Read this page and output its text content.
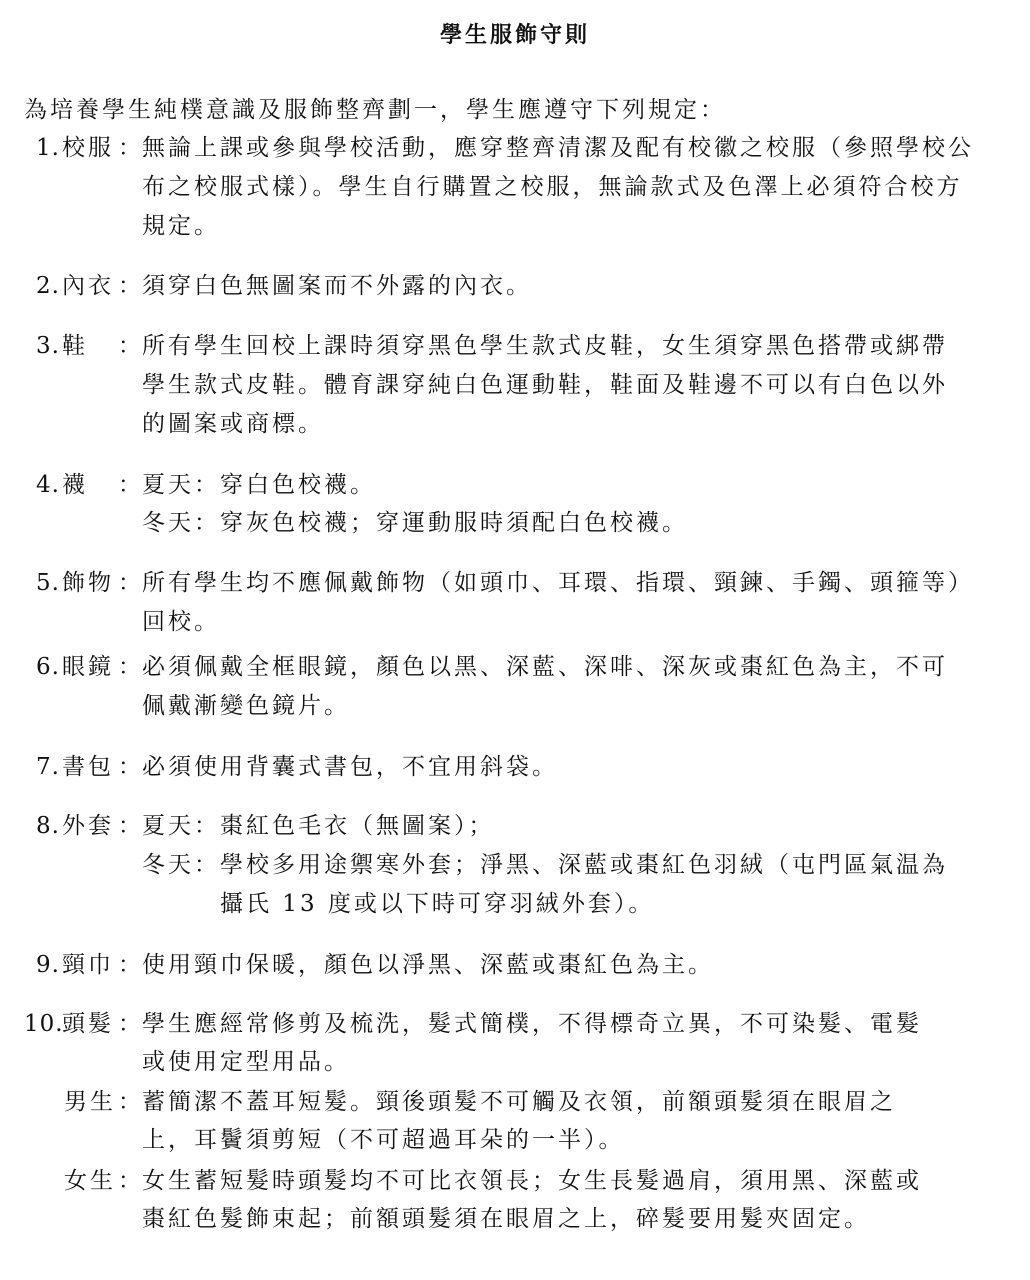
學生服飾守則
為培養學生純樸意識及服飾整齊劃一，學生應遵守下列規定：
1. 校服 ： 無論上課或參與學校活動，應穿整齊清潔及配有校徽之校服（參照學校公
布之校服式樣）。學生自行購置之校服，無論款式及色澤上必須符合校方
規定。
2. 內衣 ： 須穿白色無圖案而不外露的內衣。
3. 鞋 ： 所有學生回校上課時須穿黑色學生款式皮鞋，女生須穿黑色搭帶或綁帶
學生款式皮鞋。體育課穿純白色運動鞋，鞋面及鞋邊不可以有白色以外
的圖案或商標。
4. 襪 ： 夏天：穿白色校襪。
冬天：穿灰色校襪；穿運動服時須配白色校襪。
5. 飾物 ： 所有學生均不應佩戴飾物（如頭巾、耳環、指環、頸鍊、手鐲、頭箍等）
回校。
6. 眼鏡 ： 必須佩戴全框眼鏡，顏色以黑、深藍、深啡、深灰或棗紅色為主，不可
佩戴漸變色鏡片。
7. 書包 ： 必須使用背囊式書包，不宜用斜袋。
8. 外套 ： 夏天：棗紅色毛衣（無圖案）；
冬天：學校多用途禦寒外套；淨黑、深藍或棗紅色羽絨（屯門區氣温為
攝氏 13 度或以下時可穿羽絨外套）。
9. 頸巾 ： 使用頸巾保暖，顏色以淨黑、深藍或棗紅色為主。
10.
頭髮 ： 學生應經常修剪及梳洗，髮式簡樸，不得標奇立異，不可染髮、電髮
或使用定型用品。
男生 ： 蓄簡潔不蓋耳短髮。頸後頭髮不可觸及衣領，前額頭髮須在眼眉之
上，耳鬢須剪短（不可超過耳朵的一半）。
女生 ： 女生蓄短髮時頭髮均不可比衣領長；女生長髮過肩，須用黑、深藍或
棗紅色髮飾束起；前額頭髮須在眼眉之上，碎髮要用髮夾固定。
